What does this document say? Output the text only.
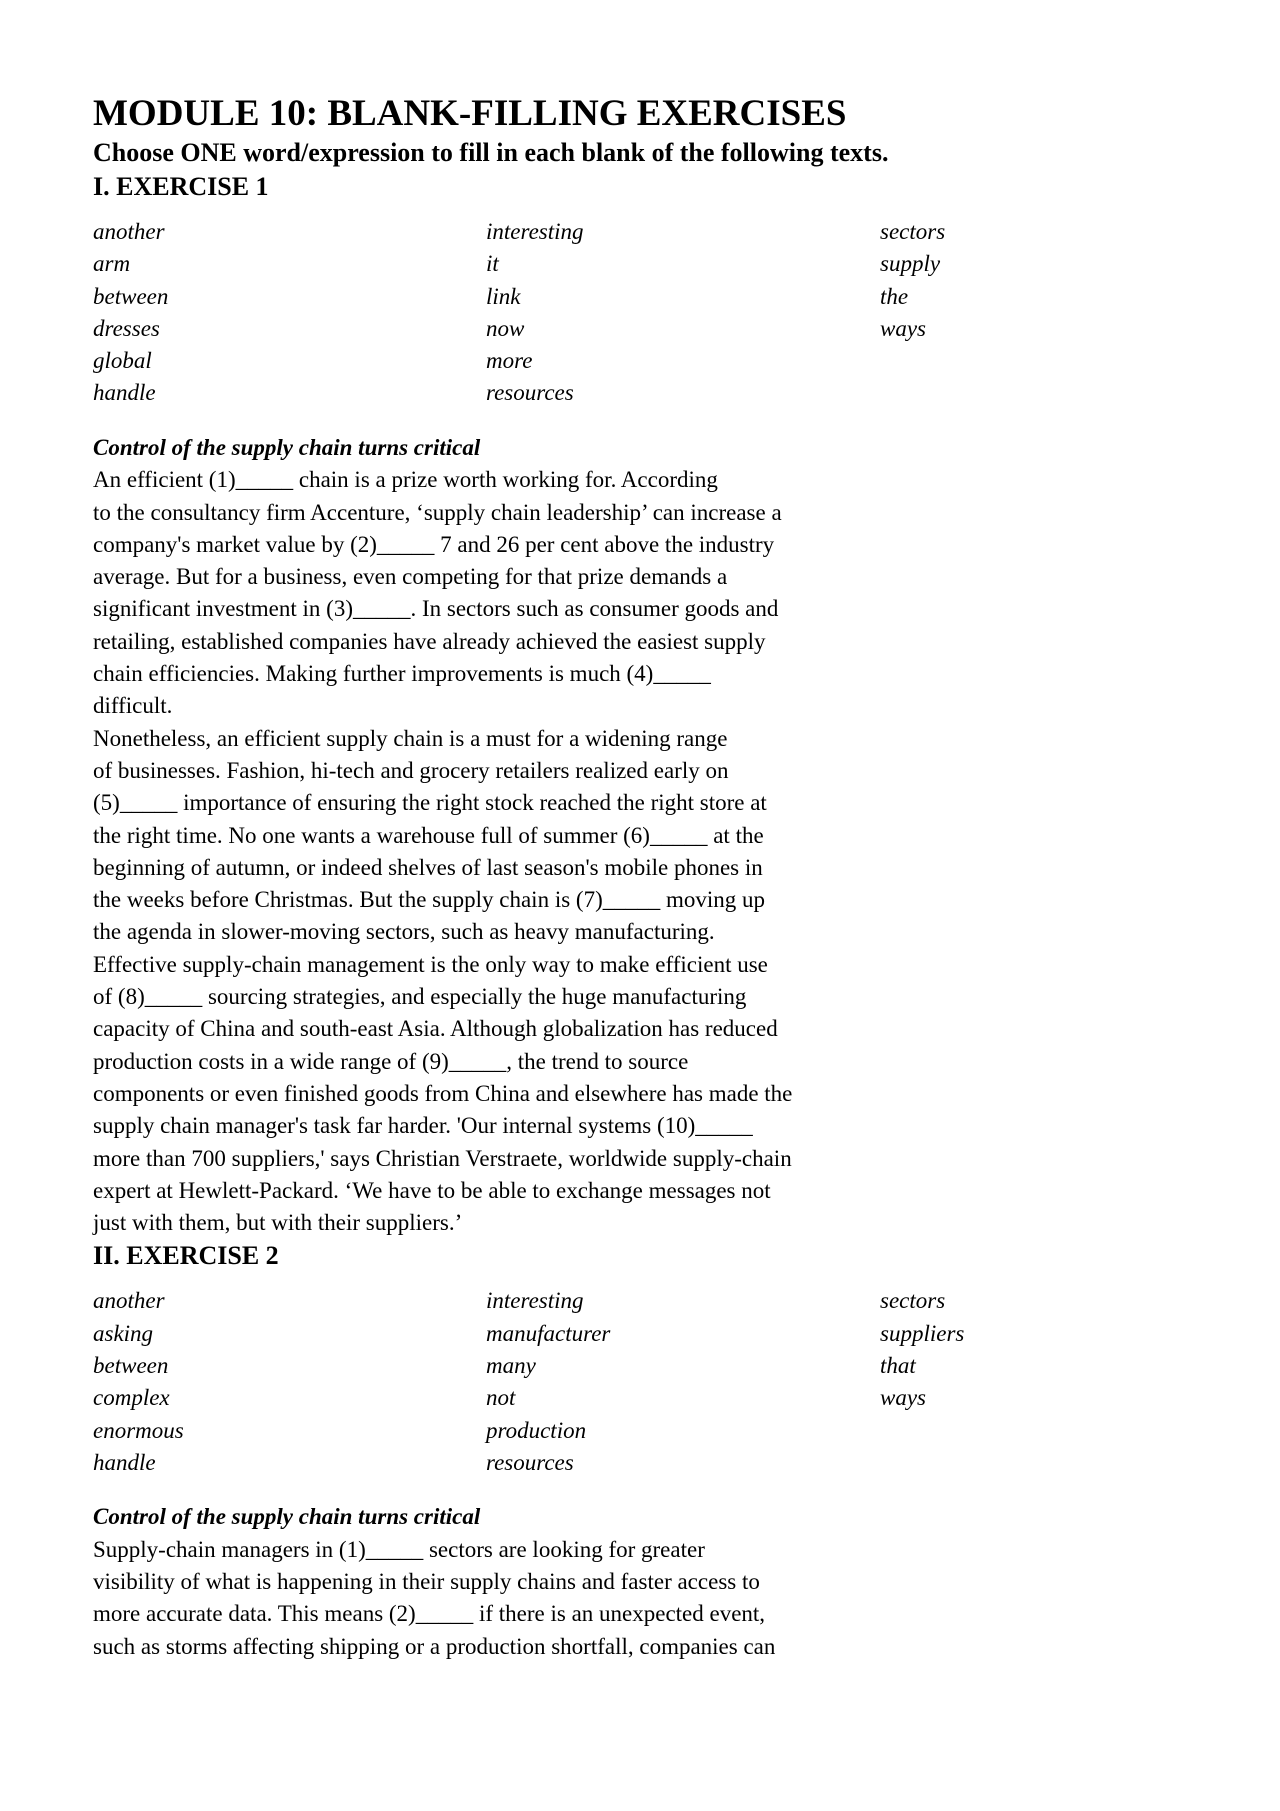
MODULE 10: BLANK-FILLING EXERCISES

Choose ONE word/expression to fill in each blank of the following texts.

I. EXERCISE 1
another
arm
between
dresses
global
handle
interesting
it
link
now
more
resources
sectors
supply
the
ways
Control of the supply chain turns critical
An efficient (1)_____ chain is a prize worth working for. According
to the consultancy firm Accenture, ‘supply chain leadership’ can increase a
company's market value by (2)_____ 7 and 26 per cent above the industry
average. But for a business, even competing for that prize demands a
significant investment in (3)_____. In sectors such as consumer goods and
retailing, established companies have already achieved the easiest supply
chain efficiencies. Making further improvements is much (4)_____
difficult.
Nonetheless, an efficient supply chain is a must for a widening range
of businesses. Fashion, hi-tech and grocery retailers realized early on
(5)_____ importance of ensuring the right stock reached the right store at
the right time. No one wants a warehouse full of summer (6)_____ at the
beginning of autumn, or indeed shelves of last season's mobile phones in
the weeks before Christmas. But the supply chain is (7)_____ moving up
the agenda in slower-moving sectors, such as heavy manufacturing.
Effective supply-chain management is the only way to make efficient use
of (8)_____ sourcing strategies, and especially the huge manufacturing
capacity of China and south-east Asia. Although globalization has reduced
production costs in a wide range of (9)_____, the trend to source
components or even finished goods from China and elsewhere has made the
supply chain manager's task far harder. 'Our internal systems (10)_____
more than 700 suppliers,' says Christian Verstraete, worldwide supply-chain
expert at Hewlett-Packard. ‘We have to be able to exchange messages not
just with them, but with their suppliers.’
II. EXERCISE 2
another
asking
between
complex
enormous
handle
interesting
manufacturer
many
not
production
resources
sectors
suppliers
that
ways
Control of the supply chain turns critical
Supply-chain managers in (1)_____ sectors are looking for greater
visibility of what is happening in their supply chains and faster access to
more accurate data. This means (2)_____ if there is an unexpected event,
such as storms affecting shipping or a production shortfall, companies can
